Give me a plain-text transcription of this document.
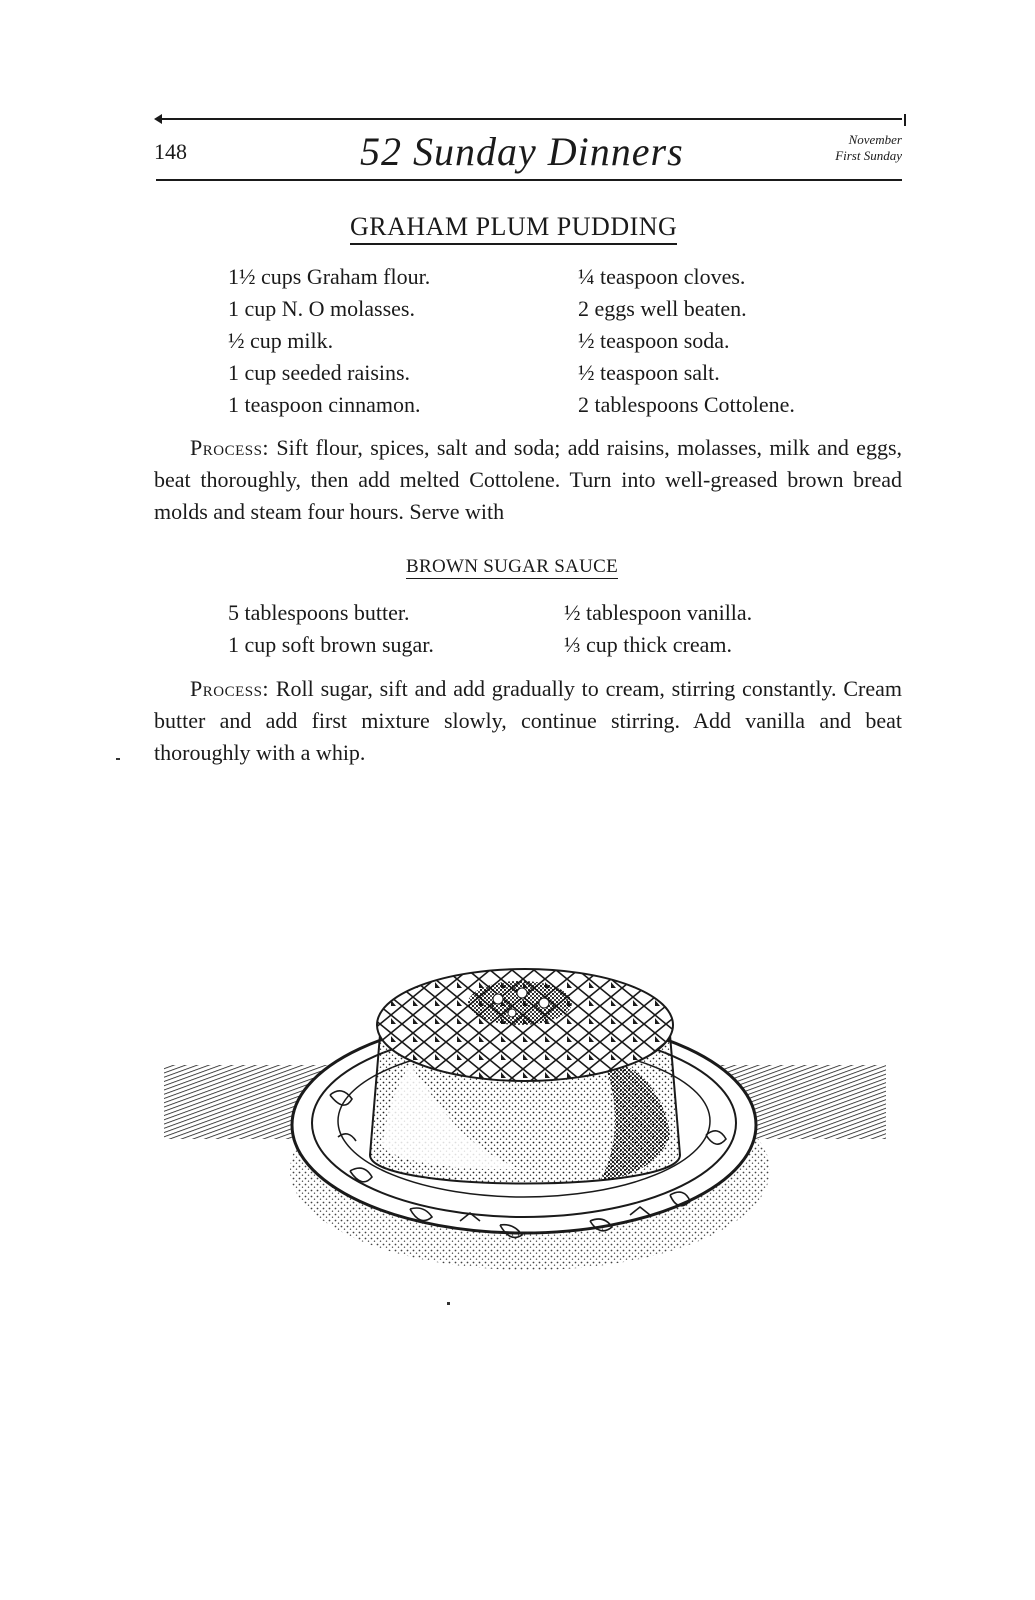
148	52 Sunday Dinners	November
First Sunday
GRAHAM PLUM PUDDING
1½ cups Graham flour.
1 cup N. O molasses.
½ cup milk.
1 cup seeded raisins.
1 teaspoon cinnamon.
¼ teaspoon cloves.
2 eggs well beaten.
½ teaspoon soda.
½ teaspoon salt.
2 tablespoons Cottolene.
Process: Sift flour, spices, salt and soda; add raisins, molasses, milk and eggs, beat thoroughly, then add melted Cottolene. Turn into well-greased brown bread molds and steam four hours. Serve with
BROWN SUGAR SAUCE
5 tablespoons butter.
1 cup soft brown sugar.
½ tablespoon vanilla.
⅓ cup thick cream.
Process: Roll sugar, sift and add gradually to cream, stirring constantly. Cream butter and add first mixture slowly, continue stirring. Add vanilla and beat thoroughly with a whip.
